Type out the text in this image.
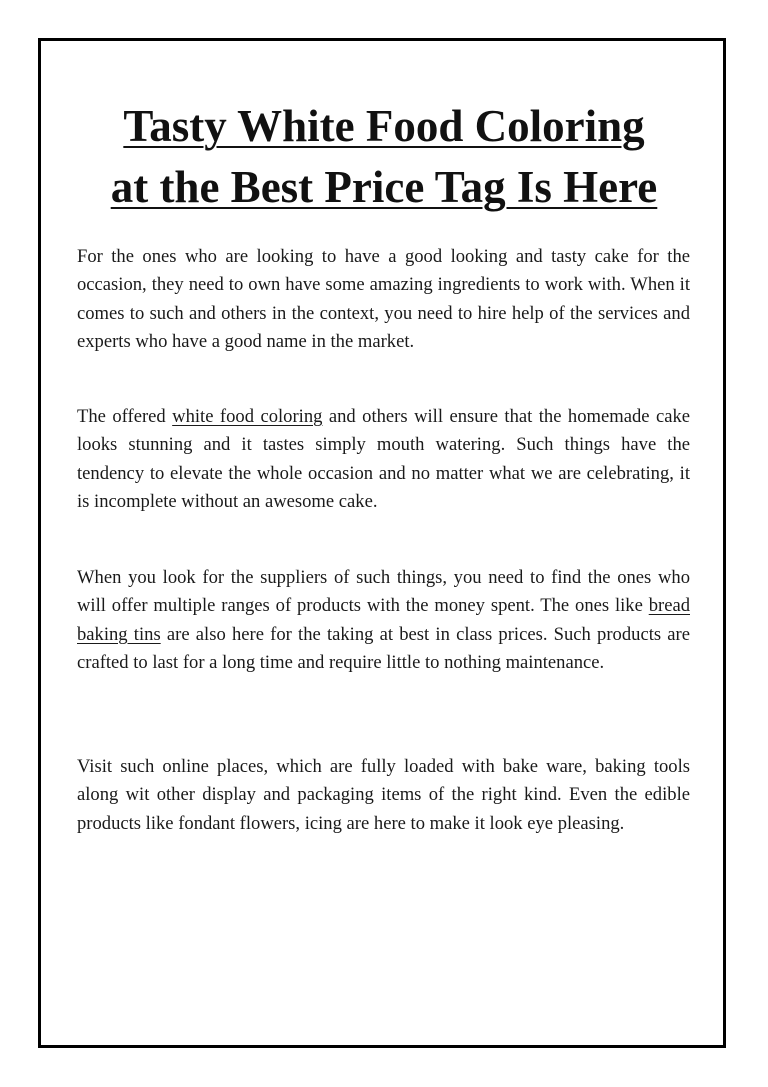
Tasty White Food Coloring
at the Best Price Tag Is Here

For the ones who are looking to have a good looking and tasty cake for the occasion, they need to own have some amazing ingredients to work with. When it comes to such and others in the context, you need to hire help of the services and experts who have a good name in the market.

The offered white food coloring and others will ensure that the homemade cake looks stunning and it tastes simply mouth watering. Such things have the tendency to elevate the whole occasion and no matter what we are celebrating, it is incomplete without an awesome cake.

When you look for the suppliers of such things, you need to find the ones who will offer multiple ranges of products with the money spent. The ones like bread baking tins are also here for the taking at best in class prices. Such products are crafted to last for a long time and require little to nothing maintenance.

Visit such online places, which are fully loaded with bake ware, baking tools along wit other display and packaging items of the right kind. Even the edible products like fondant flowers, icing are here to make it look eye pleasing.
